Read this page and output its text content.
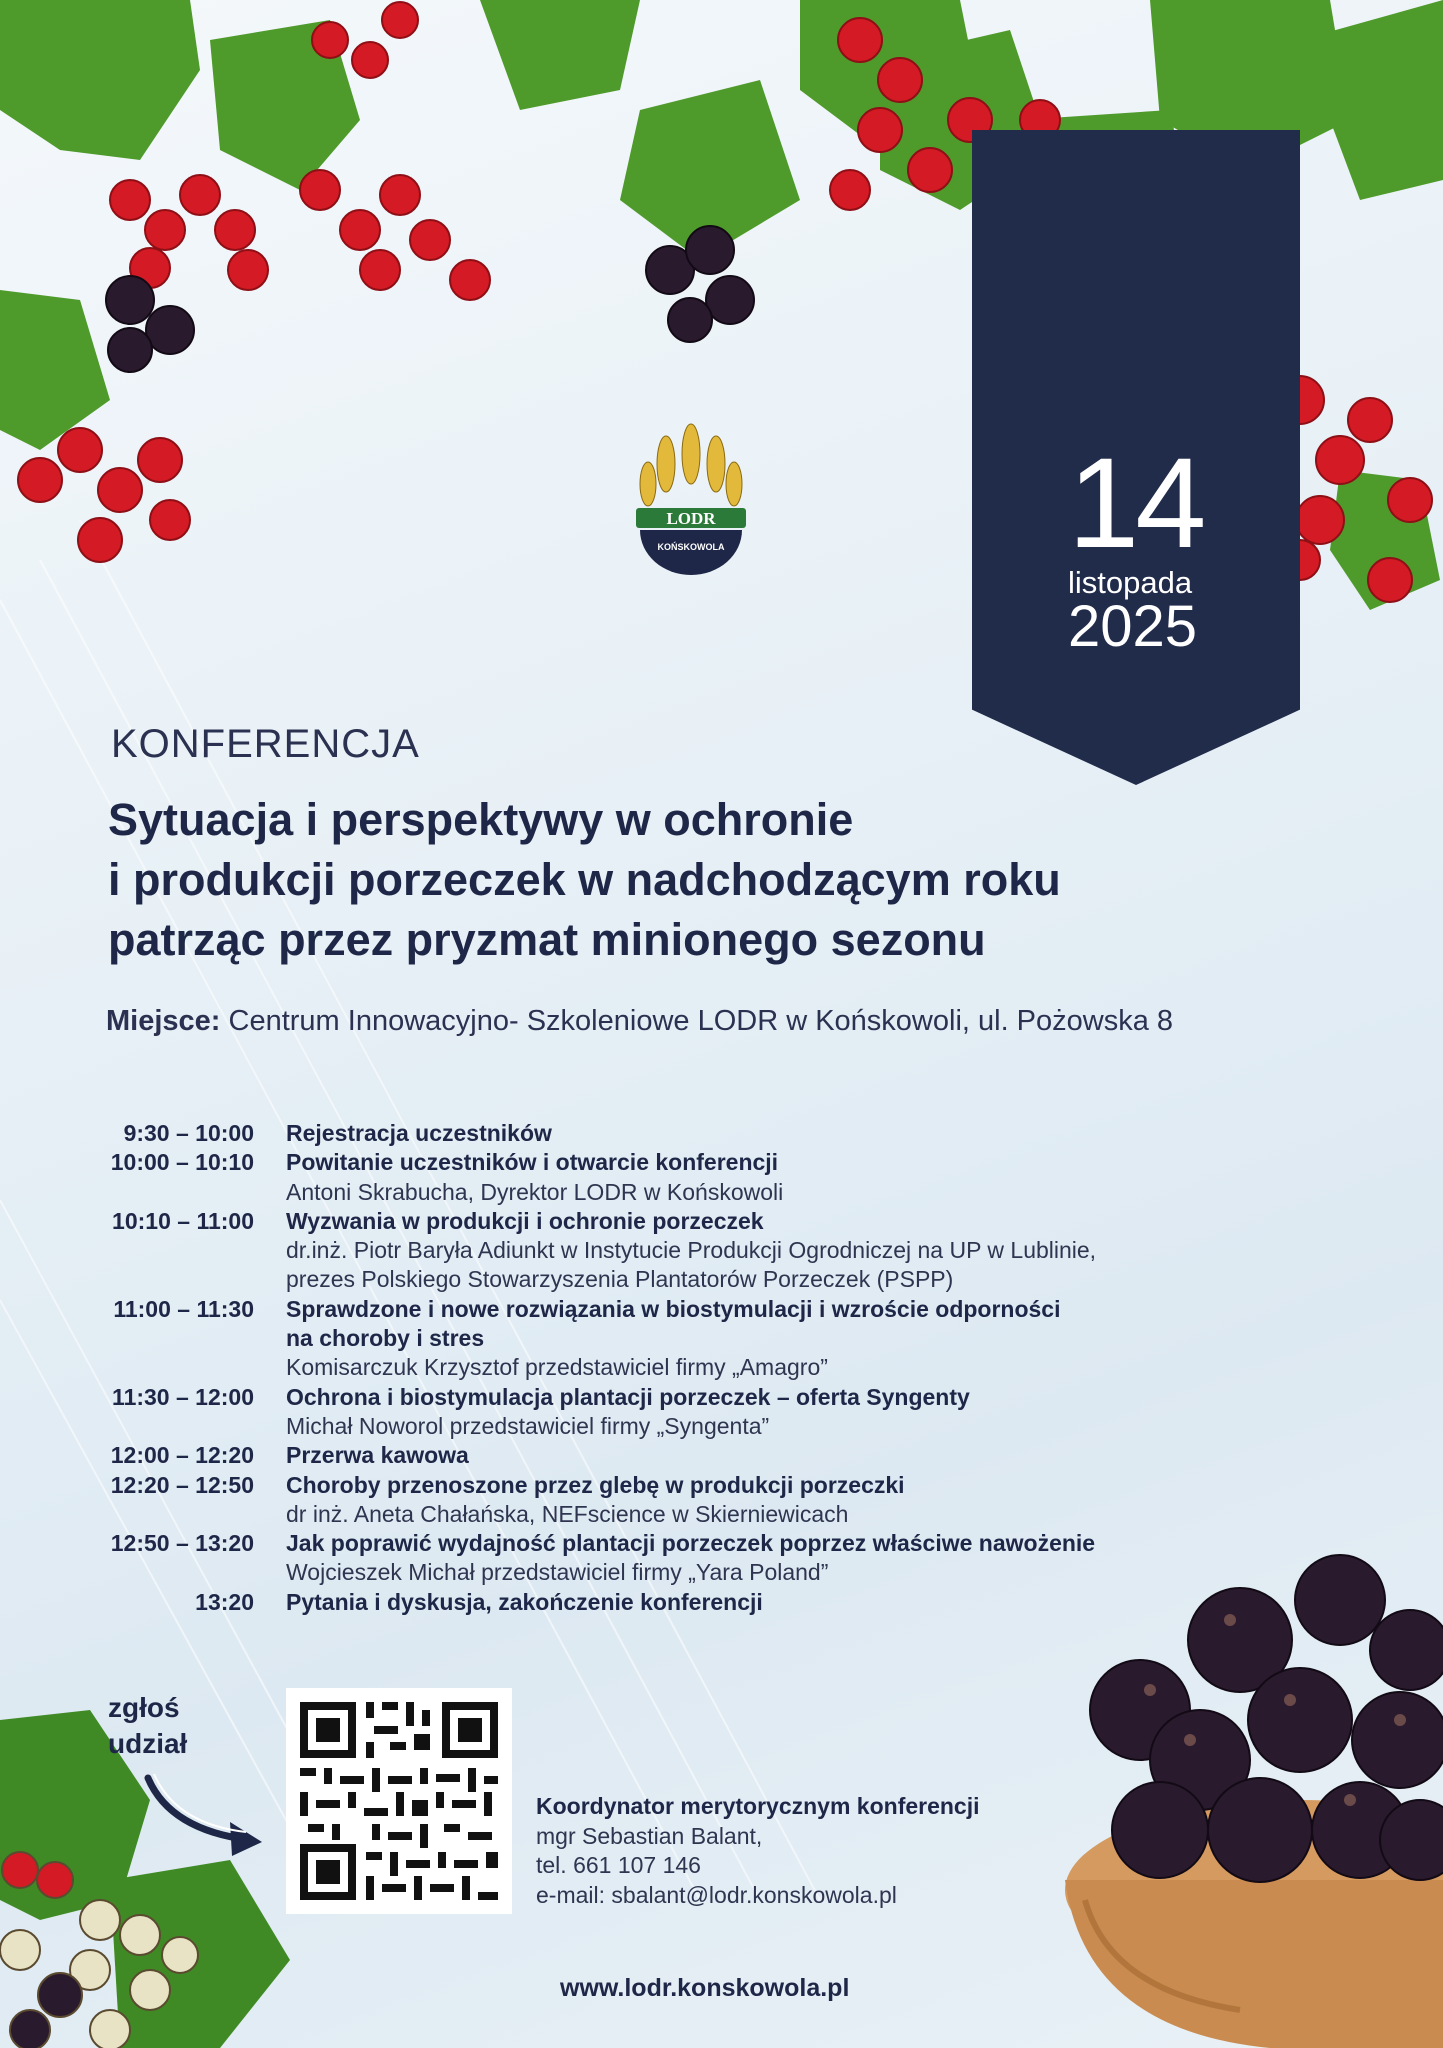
14
listopada
2025
LODR
KOŃSKOWOLA
KONFERENCJA
Sytuacja i perspektywy w ochronie
i produkcji porzeczek w nadchodzącym roku
patrząc przez pryzmat minionego sezonu
Miejsce: Centrum Innowacyjno- Szkoleniowe LODR w Końskowoli, ul. Pożowska 8
9:30 – 10:00	Rejestracja uczestników
10:00 – 10:10	Powitanie uczestników i otwarcie konferencji
Antoni Skrabucha, Dyrektor LODR w Końskowoli
10:10 – 11:00	Wyzwania w produkcji i ochronie porzeczek
dr.inż. Piotr Baryła Adiunkt w Instytucie Produkcji Ogrodniczej na UP w Lublinie,
prezes Polskiego Stowarzyszenia Plantatorów Porzeczek (PSPP)
11:00 – 11:30	Sprawdzone i nowe rozwiązania w biostymulacji i wzroście odporności
na choroby i stres
Komisarczuk Krzysztof przedstawiciel firmy „Amagro”
11:30 – 12:00	Ochrona i biostymulacja plantacji porzeczek – oferta Syngenty
Michał Noworol przedstawiciel firmy „Syngenta”
12:00 – 12:20	Przerwa kawowa
12:20 – 12:50	Choroby przenoszone przez glebę w produkcji porzeczki
dr inż. Aneta Chałańska, NEFscience w Skierniewicach
12:50 – 13:20	Jak poprawić wydajność plantacji porzeczek poprzez właściwe nawożenie
Wojcieszek Michał przedstawiciel firmy „Yara Poland”
13:20	Pytania i dyskusja, zakończenie konferencji
zgłoś
udział
Koordynator merytorycznym konferencji
mgr Sebastian Balant,
tel. 661 107 146
e-mail: sbalant@lodr.konskowola.pl
www.lodr.konskowola.pl
